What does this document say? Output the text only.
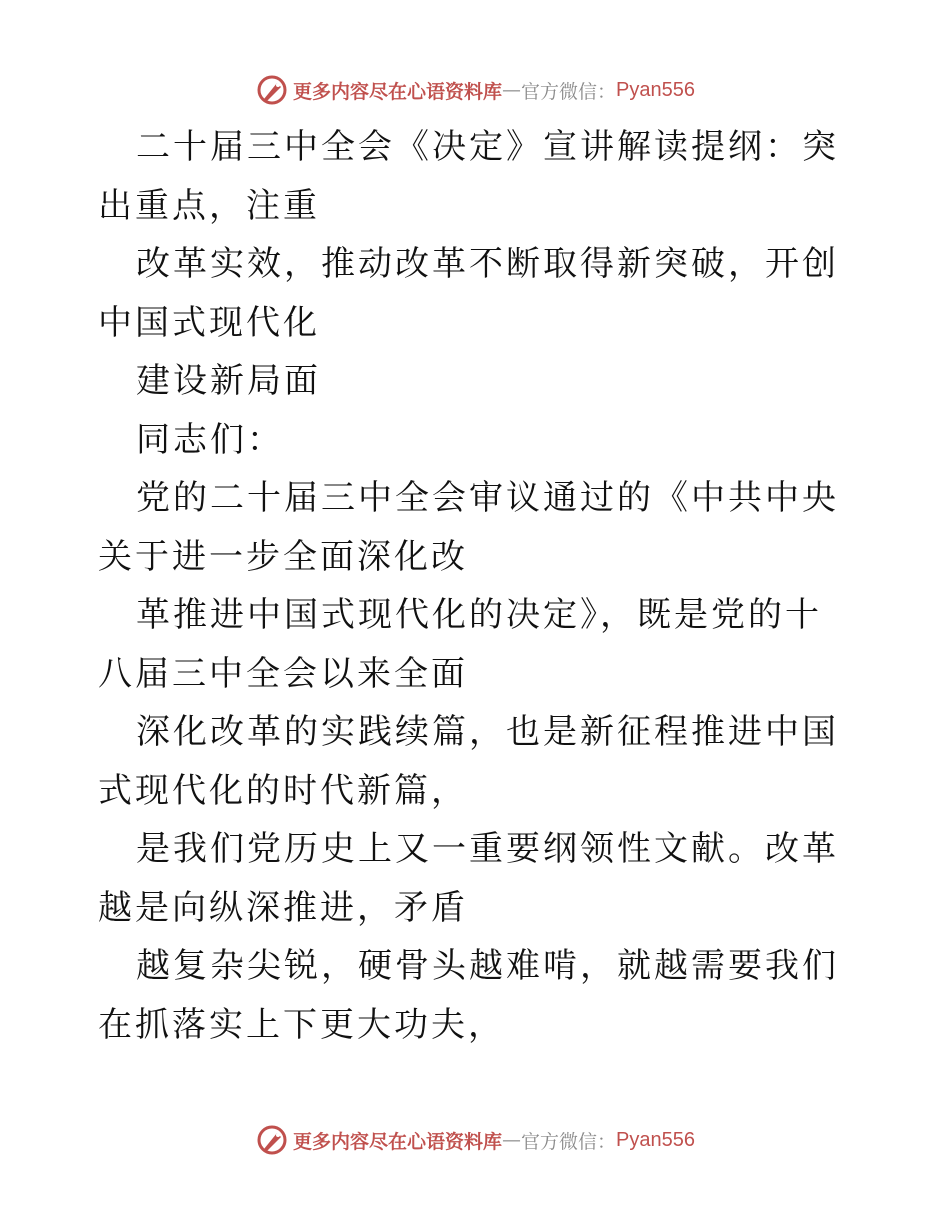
更多内容尽在心语资料库 — 官方微信： Pyan556

二十届三中全会《决定》宣讲解读提纲：突出重点，注重

改革实效，推动改革不断取得新突破，开创中国式现代化

建设新局面

同志们：

党的二十届三中全会审议通过的《中共中央关于进一步全面深化改

革推进中国式现代化的决定》，既是党的十八届三中全会以来全面

深化改革的实践续篇，也是新征程推进中国式现代化的时代新篇，

是我们党历史上又一重要纲领性文献。改革越是向纵深推进，矛盾

越复杂尖锐，硬骨头越难啃，就越需要我们在抓落实上下更大功夫，

更多内容尽在心语资料库 — 官方微信： Pyan556
